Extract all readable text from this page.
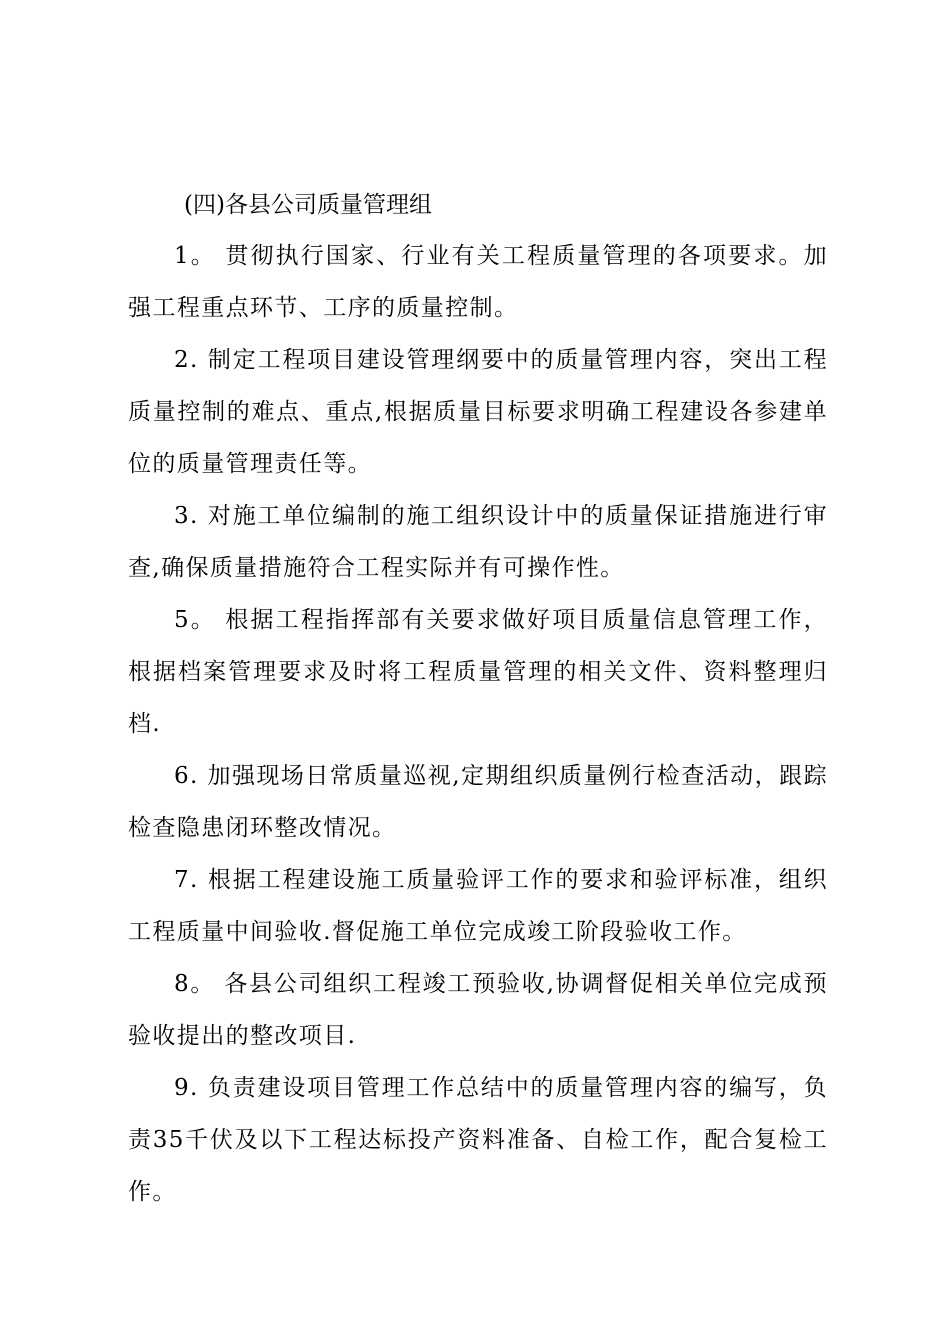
(四)各县公司质量管理组

1。 贯彻执行国家、行业有关工程质量管理的各项要求。加强工程重点环节、工序的质量控制。

2. 制定工程项目建设管理纲要中的质量管理内容，突出工程质量控制的难点、重点,根据质量目标要求明确工程建设各参建单位的质量管理责任等。

3. 对施工单位编制的施工组织设计中的质量保证措施进行审查,确保质量措施符合工程实际并有可操作性。

5。 根据工程指挥部有关要求做好项目质量信息管理工作，根据档案管理要求及时将工程质量管理的相关文件、资料整理归档.

6. 加强现场日常质量巡视,定期组织质量例行检查活动，跟踪检查隐患闭环整改情况。

7. 根据工程建设施工质量验评工作的要求和验评标准，组织工程质量中间验收.督促施工单位完成竣工阶段验收工作。

8。 各县公司组织工程竣工预验收,协调督促相关单位完成预验收提出的整改项目.

9. 负责建设项目管理工作总结中的质量管理内容的编写，负责35千伏及以下工程达标投产资料准备、自检工作，配合复检工作。
